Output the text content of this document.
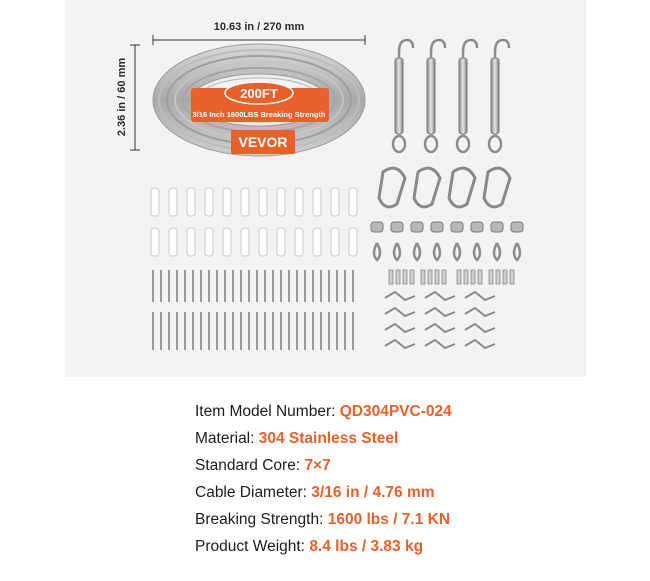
10.63 in / 270 mm
2.36 in / 60 mm	200FT
3/16 Inch 1600LBS Breaking Strength
VEVOR
Item Model Number: QD304PVC-024
Material: 304 Stainless Steel
Standard Core: 7×7
Cable Diameter: 3/16 in / 4.76 mm
Breaking Strength: 1600 lbs / 7.1 KN
Product Weight: 8.4 lbs / 3.83 kg
